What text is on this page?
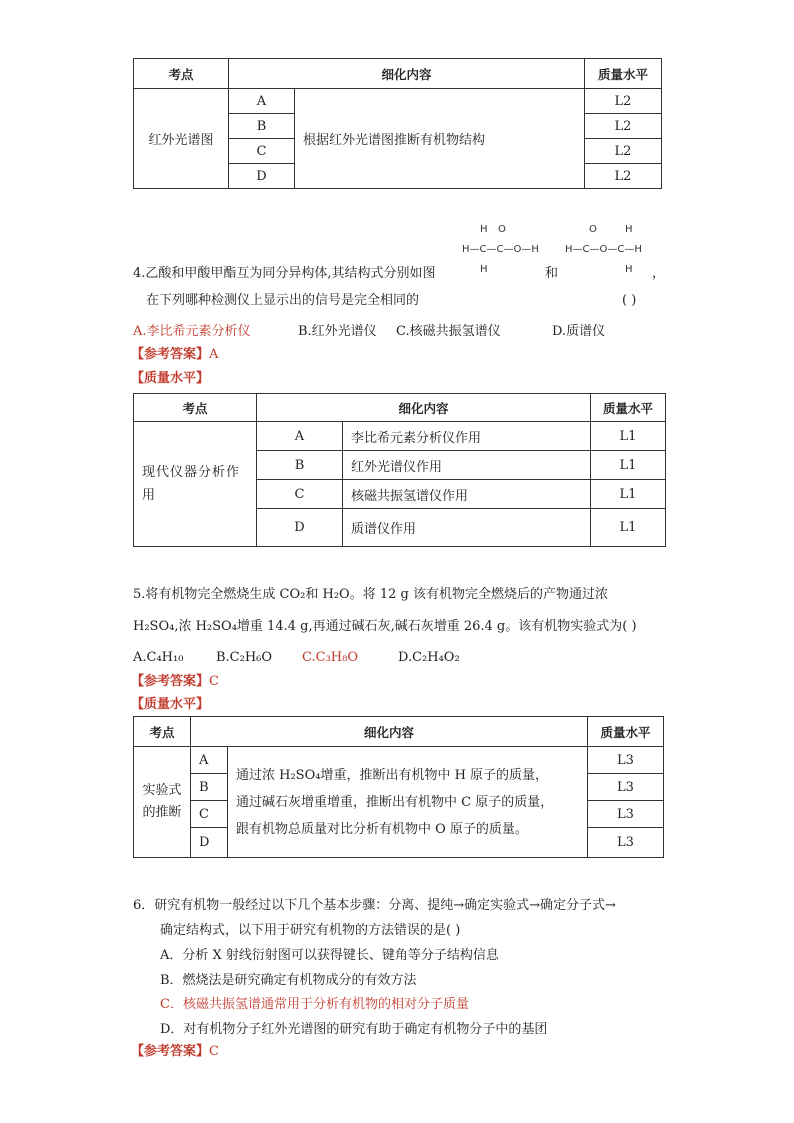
考点	细化内容		质量水平
红外光谱图	A	根据红外光谱图推断有机物结构	L2
	B		L2
	C		L2
	D		L2
H O
H—C—C—O—H
H
O	H
H—C—O—C—H
H
4.乙酸和甲酸甲酯互为同分异构体,其结构式分别如图	和	，
在下列哪种检测仪上显示出的信号是完全相同的	( )
A.李比希元素分析仪	B.红外光谱仪 C.核磁共振氢谱仪	D.质谱仪
【参考答案】A
【质量水平】
考点	细化内容		质量水平
现代仪器分析作用	A	李比希元素分析仪作用	L1
	B	红外光谱仪作用	L1
	C	核磁共振氢谱仪作用	L1
	D	质谱仪作用	L1
5.将有机物完全燃烧生成 CO₂和 H₂O。将 12 g 该有机物完全燃烧后的产物通过浓
H₂SO₄,浓 H₂SO₄增重 14.4 g,再通过碱石灰,碱石灰增重 26.4 g。该有机物实验式为( )
A.C₄H₁₀	B.C₂H₆O C.C₃H₈O	D.C₂H₄O₂
【参考答案】C
【质量水平】
考点	细化内容		质量水平

实验式的推断	A	通过浓 H₂SO₄增重，推断出有机物中 H 原子的质量，
通过碱石灰增重增重，推断出有机物中 C 原子的质量，
跟有机物总质量对比分析有机物中 O 原子的质量。	L3
	B		L3
	C		L3
	D		L3
6．研究有机物一般经过以下几个基本步骤：分离、提纯→确定实验式→确定分子式→
确定结构式，以下用于研究有机物的方法错误的是( )
A．分析 X 射线衍射图可以获得键长、键角等分子结构信息
B．燃烧法是研究确定有机物成分的有效方法
C．核磁共振氢谱通常用于分析有机物的相对分子质量
D．对有机物分子红外光谱图的研究有助于确定有机物分子中的基团
【参考答案】C
